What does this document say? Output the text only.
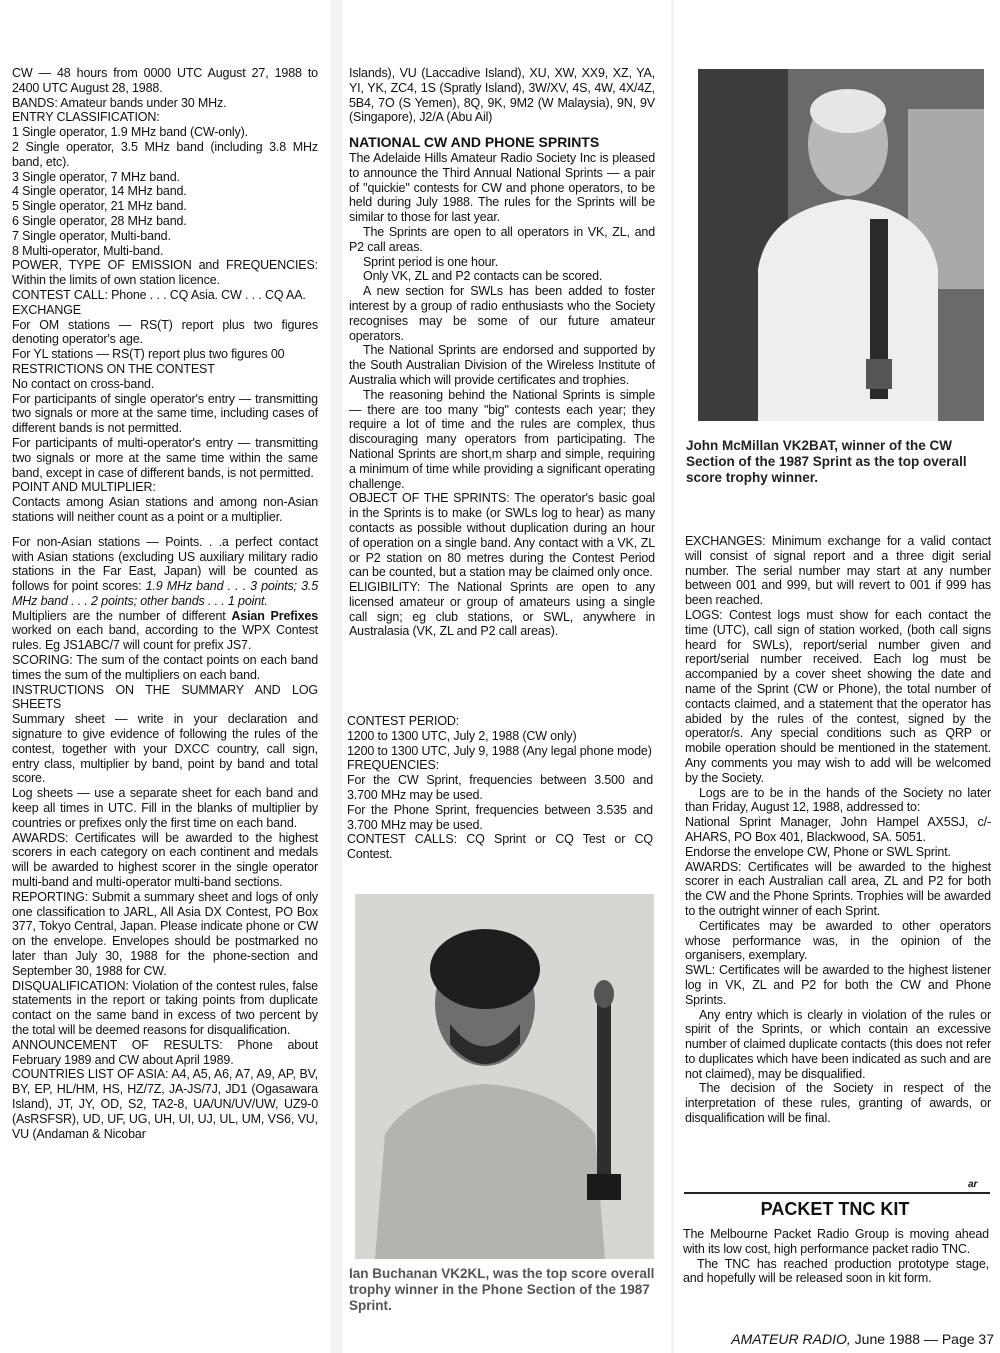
CW — 48 hours from 0000 UTC August 27, 1988 to 2400 UTC August 28, 1988.

BANDS: Amateur bands under 30 MHz.

ENTRY CLASSIFICATION:

1 Single operator, 1.9 MHz band (CW-only).

2 Single operator, 3.5 MHz band (including 3.8 MHz band, etc).

3 Single operator, 7 MHz band.

4 Single operator, 14 MHz band.

5 Single operator, 21 MHz band.

6 Single operator, 28 MHz band.

7 Single operator, Multi-band.

8 Multi-operator, Multi-band.

POWER, TYPE OF EMISSION and FREQUENCIES: Within the limits of own station licence.

CONTEST CALL: Phone . . . CQ Asia. CW . . . CQ AA.

EXCHANGE

For OM stations — RS(T) report plus two figures denoting operator's age.

For YL stations — RS(T) report plus two figures 00

RESTRICTIONS ON THE CONTEST

No contact on cross-band.

For participants of single operator's entry — transmitting two signals or more at the same time, including cases of different bands is not permitted.

For participants of multi-operator's entry — transmitting two signals or more at the same time within the same band, except in case of different bands, is not permitted.

POINT AND MULTIPLIER:

Contacts among Asian stations and among non-Asian stations will neither count as a point or a multiplier.

For non-Asian stations — Points. . .a perfect contact with Asian stations (excluding US auxiliary military radio stations in the Far East, Japan) will be counted as follows for point scores: 1.9 MHz band . . . 3 points; 3.5 MHz band . . . 2 points; other bands . . . 1 point.

Multipliers are the number of different Asian Prefixes worked on each band, according to the WPX Contest rules. Eg JS1ABC/7 will count for prefix JS7.

SCORING: The sum of the contact points on each band times the sum of the multipliers on each band.

INSTRUCTIONS ON THE SUMMARY AND LOG SHEETS

Summary sheet — write in your declaration and signature to give evidence of following the rules of the contest, together with your DXCC country, call sign, entry class, multiplier by band, point by band and total score.

Log sheets — use a separate sheet for each band and keep all times in UTC. Fill in the blanks of multiplier by countries or prefixes only the first time on each band.

AWARDS: Certificates will be awarded to the highest scorers in each category on each continent and medals will be awarded to highest scorer in the single operator multi-band and multi-operator multi-band sections.

REPORTING: Submit a summary sheet and logs of only one classification to JARL, All Asia DX Contest, PO Box 377, Tokyo Central, Japan. Please indicate phone or CW on the envelope. Envelopes should be postmarked no later than July 30, 1988 for the phone-section and September 30, 1988 for CW.

DISQUALIFICATION: Violation of the contest rules, false statements in the report or taking points from duplicate contact on the same band in excess of two percent by the total will be deemed reasons for disqualification.

ANNOUNCEMENT OF RESULTS: Phone about February 1989 and CW about April 1989.

COUNTRIES LIST OF ASIA: A4, A5, A6, A7, A9, AP, BV, BY, EP, HL/HM, HS, HZ/7Z, JA-JS/7J, JD1 (Ogasawara Island), JT, JY, OD, S2, TA2-8, UA/UN/UV/UW, UZ9-0 (AsRSFSR), UD, UF, UG, UH, UI, UJ, UL, UM, VS6, VU, VU (Andaman & Nicobar

Islands), VU (Laccadive Island), XU, XW, XX9, XZ, YA, YI, YK, ZC4, 1S (Spratly Island), 3W/XV, 4S, 4W, 4X/4Z, 5B4, 7O (S Yemen), 8Q, 9K, 9M2 (W Malaysia), 9N, 9V (Singapore), J2/A (Abu Ail)

NATIONAL CW AND PHONE SPRINTS

The Adelaide Hills Amateur Radio Society Inc is pleased to announce the Third Annual National Sprints — a pair of "quickie" contests for CW and phone operators, to be held during July 1988. The rules for the Sprints will be similar to those for last year.

The Sprints are open to all operators in VK, ZL, and P2 call areas.

Sprint period is one hour.

Only VK, ZL and P2 contacts can be scored.

A new section for SWLs has been added to foster interest by a group of radio enthusiasts who the Society recognises may be some of our future amateur operators.

The National Sprints are endorsed and supported by the South Australian Division of the Wireless Institute of Australia which will provide certificates and trophies.

The reasoning behind the National Sprints is simple — there are too many "big" contests each year; they require a lot of time and the rules are complex, thus discouraging many operators from participating. The National Sprints are short,m sharp and simple, requiring a minimum of time while providing a significant operating challenge.

OBJECT OF THE SPRINTS: The operator's basic goal in the Sprints is to make (or SWLs log to hear) as many contacts as possible without duplication during an hour of operation on a single band. Any contact with a VK, ZL or P2 station on 80 metres during the Contest Period can be counted, but a station may be claimed only once.

ELIGIBILITY: The National Sprints are open to any licensed amateur or group of amateurs using a single call sign; eg club stations, or SWL, anywhere in Australasia (VK, ZL and P2 call areas).

CONTEST PERIOD:

1200 to 1300 UTC, July 2, 1988 (CW only)

1200 to 1300 UTC, July 9, 1988 (Any legal phone mode)

FREQUENCIES:

For the CW Sprint, frequencies between 3.500 and 3.700 MHz may be used.

For the Phone Sprint, frequencies between 3.535 and 3.700 MHz may be used.

CONTEST CALLS: CQ Sprint or CQ Test or CQ Contest.

John McMillan VK2BAT, winner of the CW Section of the 1987 Sprint as the top overall score trophy winner.
Ian Buchanan VK2KL, was the top score overall trophy winner in the Phone Section of the 1987 Sprint.

EXCHANGES: Minimum exchange for a valid contact will consist of signal report and a three digit serial number. The serial number may start at any number between 001 and 999, but will revert to 001 if 999 has been reached.

LOGS: Contest logs must show for each contact the time (UTC), call sign of station worked, (both call signs heard for SWLs), report/serial number given and report/serial number received. Each log must be accompanied by a cover sheet showing the date and name of the Sprint (CW or Phone), the total number of contacts claimed, and a statement that the operator has abided by the rules of the contest, signed by the operator/s. Any special conditions such as QRP or mobile operation should be mentioned in the statement. Any comments you may wish to add will be welcomed by the Society.

Logs are to be in the hands of the Society no later than Friday, August 12, 1988, addressed to:

National Sprint Manager, John Hampel AX5SJ, c/-AHARS, PO Box 401, Blackwood, SA. 5051.

Endorse the envelope CW, Phone or SWL Sprint.

AWARDS: Certificates will be awarded to the highest scorer in each Australian call area, ZL and P2 for both the CW and the Phone Sprints. Trophies will be awarded to the outright winner of each Sprint.

Certificates may be awarded to other operators whose performance was, in the opinion of the organisers, exemplary.

SWL: Certificates will be awarded to the highest listener log in VK, ZL and P2 for both the CW and Phone Sprints.

Any entry which is clearly in violation of the rules or spirit of the Sprints, or which contain an excessive number of claimed duplicate contacts (this does not refer to duplicates which have been indicated as such and are not claimed), may be disqualified.

The decision of the Society in respect of the interpretation of these rules, granting of awards, or disqualification will be final.

ar
PACKET TNC KIT

The Melbourne Packet Radio Group is moving ahead with its low cost, high performance packet radio TNC.

The TNC has reached production prototype stage, and hopefully will be released soon in kit form.

AMATEUR RADIO, June 1988 — Page 37
